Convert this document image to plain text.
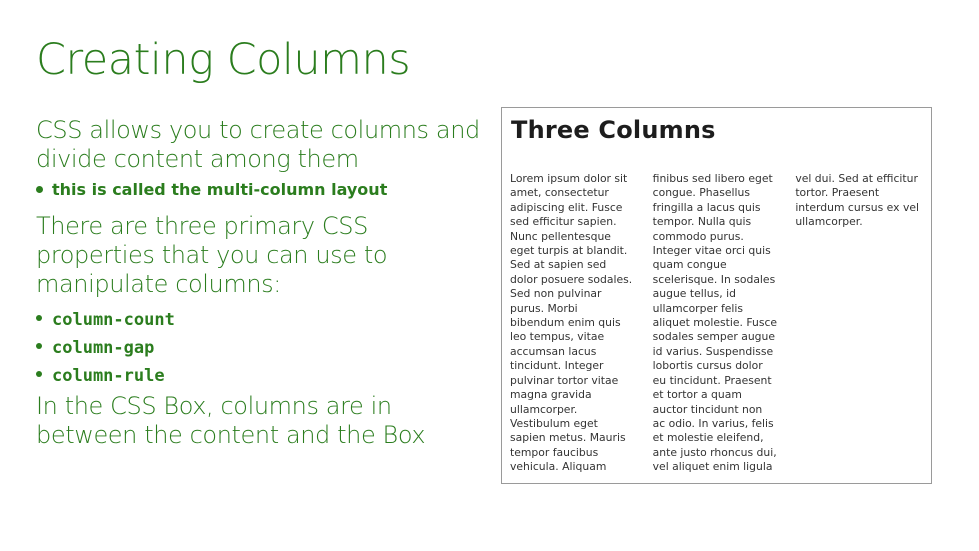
Creating Columns

CSS allows you to create columns and divide content among them

this is called the multi-column layout

There are three primary CSS properties that you can use to manipulate columns:

column-count
column-gap
column-rule

In the CSS Box, columns are in between the content and the Box

Three Columns
Lorem ipsum dolor sit amet, consectetur adipiscing elit. Fusce sed efficitur sapien. Nunc pellentesque eget turpis at blandit. Sed at sapien sed dolor posuere sodales. Sed non pulvinar purus. Morbi bibendum enim quis leo tempus, vitae accumsan lacus tincidunt. Integer pulvinar tortor vitae magna gravida ullamcorper. Vestibulum eget sapien metus. Mauris tempor faucibus vehicula. Aliquam finibus sed libero eget congue. Phasellus fringilla a lacus quis tempor. Nulla quis commodo purus. Integer vitae orci quis quam congue scelerisque. In sodales augue tellus, id ullamcorper felis aliquet molestie. Fusce sodales semper augue id varius. Suspendisse lobortis cursus dolor eu tincidunt. Praesent et tortor a quam auctor tincidunt non ac odio. In varius, felis et molestie eleifend, ante justo rhoncus dui, vel aliquet enim ligula vel dui. Sed at efficitur tortor. Praesent interdum cursus ex vel ullamcorper.
